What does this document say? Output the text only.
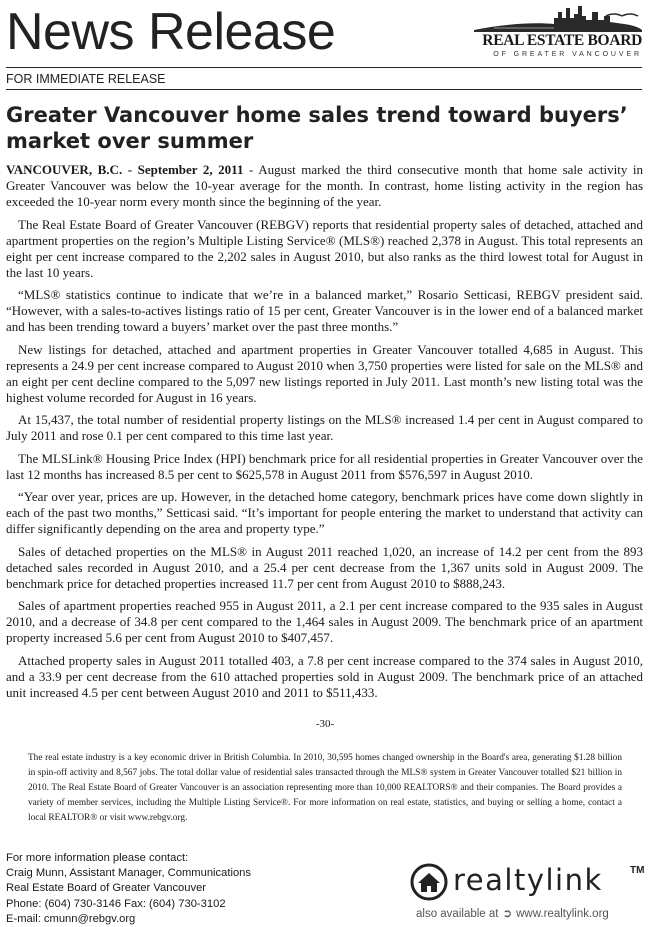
News Release	REAL ESTATE BOARD
OF GREATER VANCOUVER
FOR IMMEDIATE RELEASE
Greater Vancouver home sales trend toward buyers’ market over summer

VANCOUVER, B.C. - September 2, 2011 - August marked the third consecutive month that home sale activity in Greater Vancouver was below the 10-year average for the month. In contrast, home listing activity in the region has exceeded the 10-year norm every month since the beginning of the year.

The Real Estate Board of Greater Vancouver (REBGV) reports that residential property sales of detached, attached and apartment properties on the region’s Multiple Listing Service® (MLS®) reached 2,378 in August. This total represents an eight per cent increase compared to the 2,202 sales in August 2010, but also ranks as the third lowest total for August in the last 10 years.

“MLS® statistics continue to indicate that we’re in a balanced market,” Rosario Setticasi, REBGV president said. “However, with a sales-to-actives listings ratio of 15 per cent, Greater Vancouver is in the lower end of a balanced market and has been trending toward a buyers’ market over the past three months.”

New listings for detached, attached and apartment properties in Greater Vancouver totalled 4,685 in August. This represents a 24.9 per cent increase compared to August 2010 when 3,750 properties were listed for sale on the MLS® and an eight per cent decline compared to the 5,097 new listings reported in July 2011. Last month’s new listing total was the highest volume recorded for August in 16 years.

At 15,437, the total number of residential property listings on the MLS® increased 1.4 per cent in August compared to July 2011 and rose 0.1 per cent compared to this time last year.

The MLSLink® Housing Price Index (HPI) benchmark price for all residential properties in Greater Vancouver over the last 12 months has increased 8.5 per cent to $625,578 in August 2011 from $576,597 in August 2010.

“Year over year, prices are up. However, in the detached home category, benchmark prices have come down slightly in each of the past two months,” Setticasi said. “It’s important for people entering the market to understand that activity can differ significantly depending on the area and property type.”

Sales of detached properties on the MLS® in August 2011 reached 1,020, an increase of 14.2 per cent from the 893 detached sales recorded in August 2010, and a 25.4 per cent decrease from the 1,367 units sold in August 2009. The benchmark price for detached properties increased 11.7 per cent from August 2010 to $888,243.

Sales of apartment properties reached 955 in August 2011, a 2.1 per cent increase compared to the 935 sales in August 2010, and a decrease of 34.8 per cent compared to the 1,464 sales in August 2009. The benchmark price of an apartment property increased 5.6 per cent from August 2010 to $407,457.

Attached property sales in August 2011 totalled 403, a 7.8 per cent increase compared to the 374 sales in August 2010, and a 33.9 per cent decrease from the 610 attached properties sold in August 2009. The benchmark price of an attached unit increased 4.5 per cent between August 2010 and 2011 to $511,433.

-30-

The real estate industry is a key economic driver in British Columbia. In 2010, 30,595 homes changed ownership in the Board's area, generating $1.28 billion in spin-off activity and 8,567 jobs. The total dollar value of residential sales transacted through the MLS® system in Greater Vancouver totalled $21 billion in 2010. The Real Estate Board of Greater Vancouver is an association representing more than 10,000 REALTORS® and their companies. The Board provides a variety of member services, including the Multiple Listing Service®. For more information on real estate, statistics, and buying or selling a home, contact a local REALTOR® or visit www.rebgv.org.

For more information please contact:
Craig Munn, Assistant Manager, Communications
Real Estate Board of Greater Vancouver
Phone: (604) 730-3146 Fax: (604) 730-3102
E-mail: cmunn@rebgv.org
realtylink	TM
also available at ➲ www.realtylink.org
